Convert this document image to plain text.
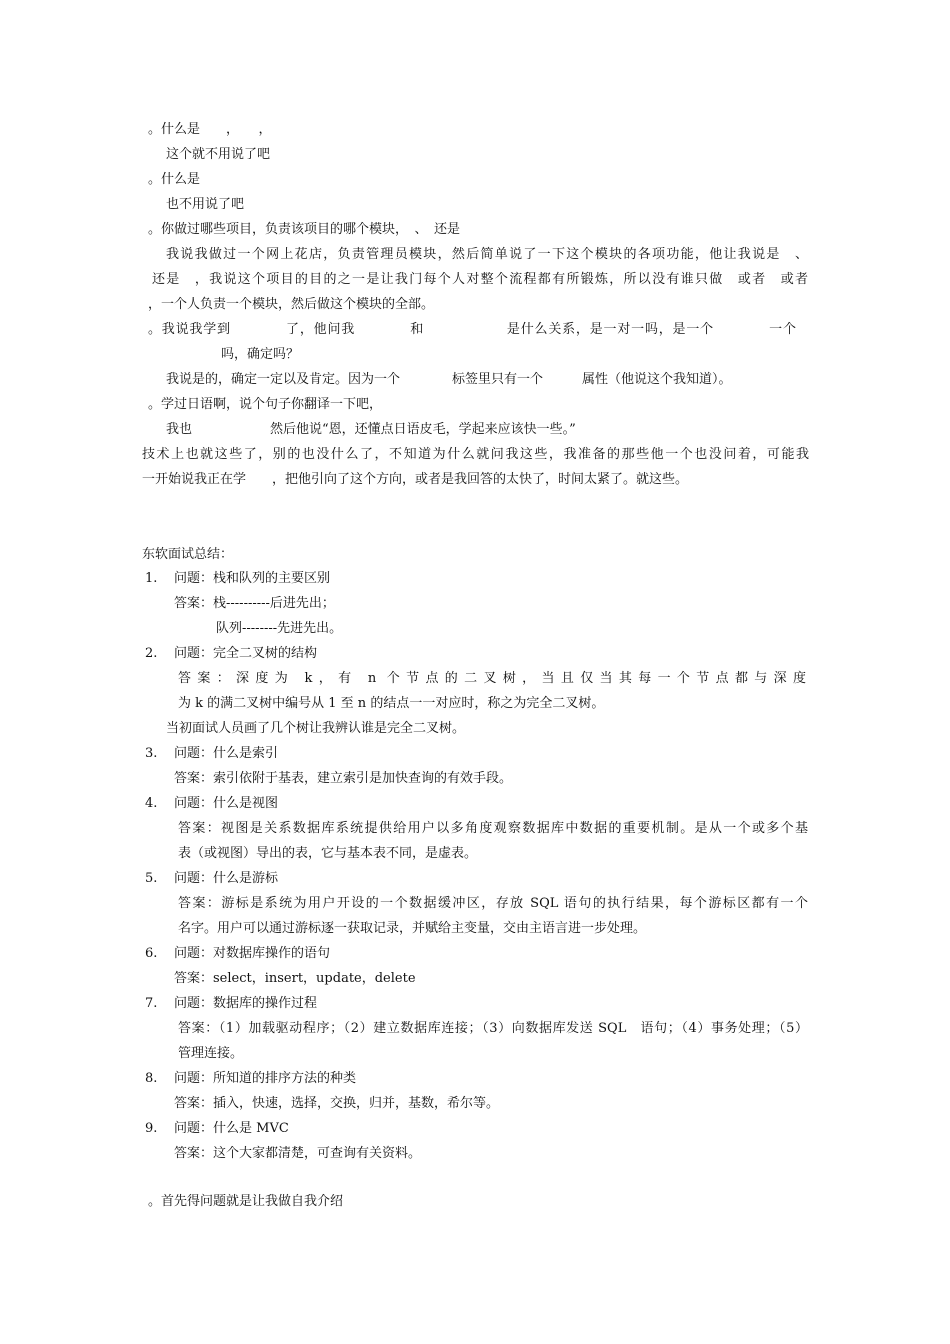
。什么是　　，　　，
这个就不用说了吧
。什么是
也不用说了吧
。你做过哪些项目，负责该项目的哪个模块，　、　还是
我说我做过一个网上花店，负责管理员模块，然后简单说了一下这个模块的各项功能，他让我说是　、
还是　，我说这个项目的目的之一是让我门每个人对整个流程都有所锻炼，所以没有谁只做　或者　或者
，一个人负责一个模块，然后做这个模块的全部。
。我说我学到　　　　了，他问我　　　　和　　　　　　是什么关系，是一对一吗，是一个　　　　一个
吗，确定吗？
我说是的，确定一定以及肯定。因为一个　　　　标签里只有一个　　　属性（他说这个我知道）。
。学过日语啊，说个句子你翻译一下吧，
我也　　　　　　然后他说“恩，还懂点日语皮毛，学起来应该快一些。”
技术上也就这些了，别的也没什么了，不知道为什么就问我这些，我准备的那些他一个也没问着，可能我
一开始说我正在学　　，把他引向了这个方向，或者是我回答的太快了，时间太紧了。就这些。
东软面试总结：
1. 问题：栈和队列的主要区别
答案：栈----------后进先出；
队列--------先进先出。
2. 问题：完全二叉树的结构
答案：深度为 k，有 n 个节点的二叉树，当且仅当其每一个节点都与深度
为 k 的满二叉树中编号从 1 至 n 的结点一一对应时，称之为完全二叉树。
当初面试人员画了几个树让我辨认谁是完全二叉树。
3. 问题：什么是索引
答案：索引依附于基表，建立索引是加快查询的有效手段。
4. 问题：什么是视图
答案：视图是关系数据库系统提供给用户以多角度观察数据库中数据的重要机制。是从一个或多个基
表（或视图）导出的表，它与基本表不同，是虚表。
5. 问题：什么是游标
答案：游标是系统为用户开设的一个数据缓冲区，存放 SQL 语句的执行结果，每个游标区都有一个
名字。用户可以通过游标逐一获取记录，并赋给主变量，交由主语言进一步处理。
6. 问题：对数据库操作的语句
答案：select，insert，update，delete
7. 问题：数据库的操作过程
答案：（1）加载驱动程序；（2）建立数据库连接；（3）向数据库发送 SQL　语句；（4）事务处理；（5）
管理连接。
8. 问题：所知道的排序方法的种类
答案：插入，快速，选择，交换，归并，基数，希尔等。
9. 问题：什么是 MVC
答案：这个大家都清楚，可查询有关资料。
。首先得问题就是让我做自我介绍
